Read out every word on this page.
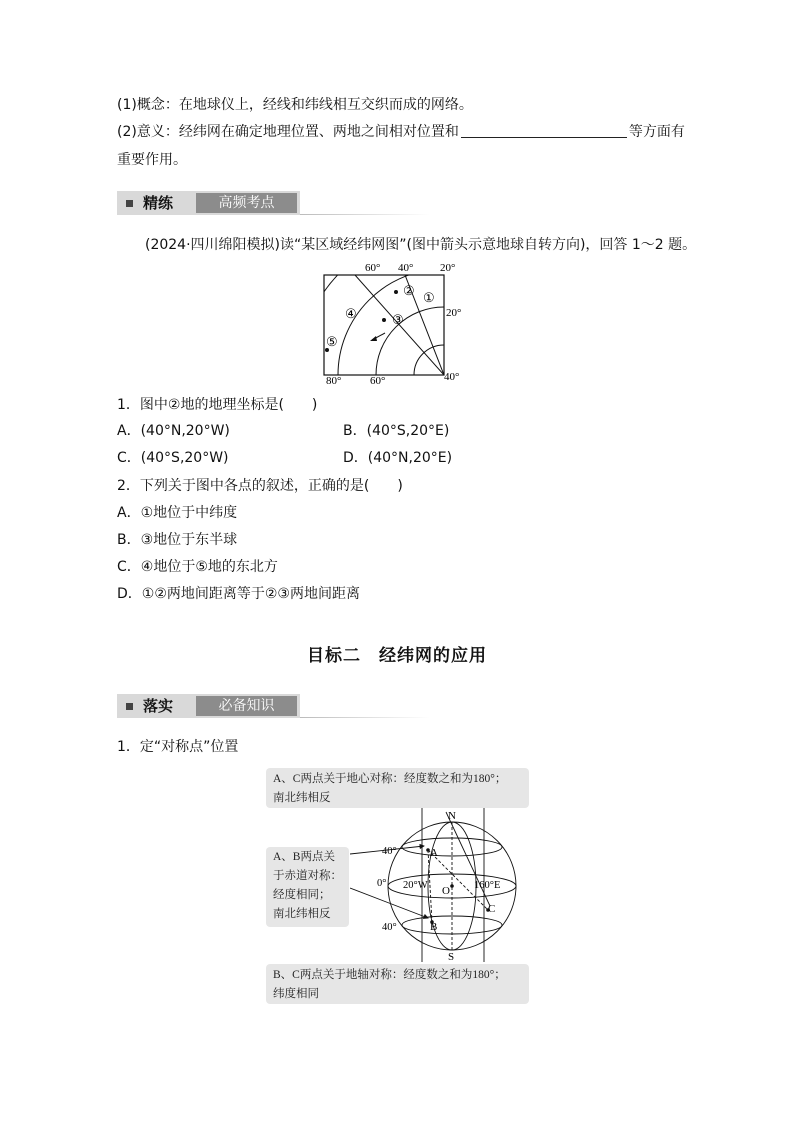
(1)概念：在地球仪上，经线和纬线相互交织而成的网络。
(2)意义：经纬网在确定地理位置、两地之间相对位置和	等方面有
重要作用。
精练	高频考点
(2024·四川绵阳模拟)读“某区域经纬网图”(图中箭头示意地球自转方向)，回答 1～2 题。
60° 40° 20°
20°
40°
80°	60°
①
②
③
④
⑤
1．图中②地的地理坐标是(　　)
A．(40°N,20°W)	B．(40°S,20°E)
C．(40°S,20°W)	D．(40°N,20°E)
2．下列关于图中各点的叙述，正确的是(　　)
A．①地位于中纬度
B．③地位于东半球
C．④地位于⑤地的东北方
D．①②两地间距离等于②③两地间距离
目标二　经纬网的应用
落实	必备知识
1．定“对称点”位置
A、C两点关于地心对称：经度数之和为180°；
南北纬相反
A、B两点关
于赤道对称：
经度相同；
南北纬相反
B、C两点关于地轴对称：经度数之和为180°；
纬度相同
N
S
A
B
C
O
40°
0°
40°
20°W	160°E
